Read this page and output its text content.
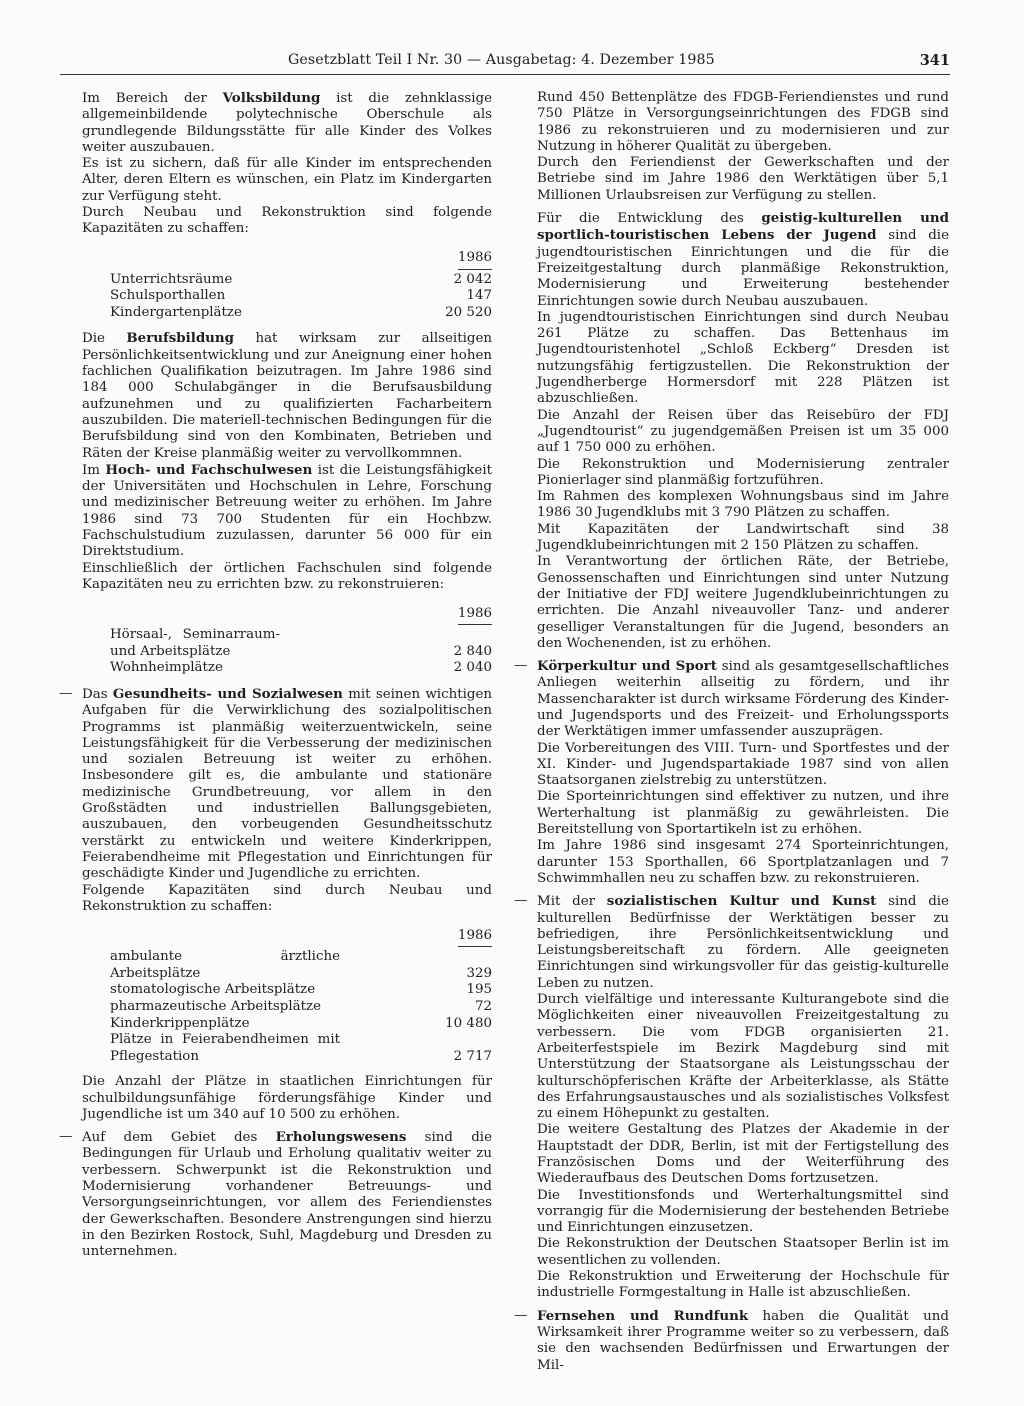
Gesetzblatt Teil I Nr. 30 — Ausgabetag: 4. Dezember 1985	341

Im Bereich der Volksbildung ist die zehnklassige allgemeinbildende polytechnische Oberschule als grundlegende Bildungsstätte für alle Kinder des Volkes weiter auszubauen.

Es ist zu sichern, daß für alle Kinder im entsprechenden Alter, deren Eltern es wünschen, ein Platz im Kindergarten zur Verfügung steht.

Durch Neubau und Rekonstruktion sind folgende Kapazitäten zu schaffen:

	1986
Unterrichtsräume	2 042
Schulsporthallen	147
Kindergartenplätze	20 520

Die Berufsbildung hat wirksam zur allseitigen Persönlichkeitsentwicklung und zur Aneignung einer hohen fachlichen Qualifikation beizutragen. Im Jahre 1986 sind 184 000 Schulabgänger in die Berufsausbildung aufzunehmen und zu qualifizierten Facharbeitern auszubilden. Die materiell-technischen Bedingungen für die Berufsbildung sind von den Kombinaten, Betrieben und Räten der Kreise planmäßig weiter zu vervollkommnen.

Im Hoch- und Fachschulwesen ist die Leistungsfähigkeit der Universitäten und Hochschulen in Lehre, Forschung und medizinischer Betreuung weiter zu erhöhen. Im Jahre 1986 sind 73 700 Studenten für ein Hochbzw. Fachschulstudium zuzulassen, darunter 56 000 für ein Direktstudium.

Einschließlich der örtlichen Fachschulen sind folgende Kapazitäten neu zu errichten bzw. zu rekonstruieren:

	1986
Hörsaal-, Seminarraum- und Arbeitsplätze	2 840
Wohnheimplätze	2 040

— Das Gesundheits- und Sozialwesen mit seinen wichtigen Aufgaben für die Verwirklichung des sozialpolitischen Programms ist planmäßig weiterzuentwickeln, seine Leistungsfähigkeit für die Verbesserung der medizinischen und sozialen Betreuung ist weiter zu erhöhen. Insbesondere gilt es, die ambulante und stationäre medizinische Grundbetreuung, vor allem in den Großstädten und industriellen Ballungsgebieten, auszubauen, den vorbeugenden Gesundheitsschutz verstärkt zu entwickeln und weitere Kinderkrippen, Feierabendheime mit Pflegestation und Einrichtungen für geschädigte Kinder und Jugendliche zu errichten.

Folgende Kapazitäten sind durch Neubau und Rekonstruktion zu schaffen:

	1986
ambulante ärztliche Arbeitsplätze	329
stomatologische Arbeitsplätze	195
pharmazeutische Arbeitsplätze	72
Kinderkrippenplätze	10 480
Plätze in Feierabendheimen mit Pflegestation	2 717

Die Anzahl der Plätze in staatlichen Einrichtungen für schulbildungsunfähige förderungsfähige Kinder und Jugendliche ist um 340 auf 10 500 zu erhöhen.

— Auf dem Gebiet des Erholungswesens sind die Bedingungen für Urlaub und Erholung qualitativ weiter zu verbessern. Schwerpunkt ist die Rekonstruktion und Modernisierung vorhandener Betreuungs- und Versorgungseinrichtungen, vor allem des Feriendienstes der Gewerkschaften. Besondere Anstrengungen sind hierzu in den Bezirken Rostock, Suhl, Magdeburg und Dresden zu unternehmen.

Rund 450 Bettenplätze des FDGB-Feriendienstes und rund 750 Plätze in Versorgungseinrichtungen des FDGB sind 1986 zu rekonstruieren und zu modernisieren und zur Nutzung in höherer Qualität zu übergeben.

Durch den Feriendienst der Gewerkschaften und der Betriebe sind im Jahre 1986 den Werktätigen über 5,1 Millionen Urlaubsreisen zur Verfügung zu stellen.

Für die Entwicklung des geistig-kulturellen und sportlich-touristischen Lebens der Jugend sind die jugendtouristischen Einrichtungen und die für die Freizeitgestaltung durch planmäßige Rekonstruktion, Modernisierung und Erweiterung bestehender Einrichtungen sowie durch Neubau auszubauen.

In jugendtouristischen Einrichtungen sind durch Neubau 261 Plätze zu schaffen. Das Bettenhaus im Jugendtouristenhotel „Schloß Eckberg“ Dresden ist nutzungsfähig fertigzustellen. Die Rekonstruktion der Jugendherberge Hormersdorf mit 228 Plätzen ist abzuschließen.

Die Anzahl der Reisen über das Reisebüro der FDJ „Jugendtourist“ zu jugendgemäßen Preisen ist um 35 000 auf 1 750 000 zu erhöhen.

Die Rekonstruktion und Modernisierung zentraler Pionierlager sind planmäßig fortzuführen.

Im Rahmen des komplexen Wohnungsbaus sind im Jahre 1986 30 Jugendklubs mit 3 790 Plätzen zu schaffen.

Mit Kapazitäten der Landwirtschaft sind 38 Jugendklubeinrichtungen mit 2 150 Plätzen zu schaffen.

In Verantwortung der örtlichen Räte, der Betriebe, Genossenschaften und Einrichtungen sind unter Nutzung der Initiative der FDJ weitere Jugendklubeinrichtungen zu errichten. Die Anzahl niveauvoller Tanz- und anderer geselliger Veranstaltungen für die Jugend, besonders an den Wochenenden, ist zu erhöhen.

— Körperkultur und Sport sind als gesamtgesellschaftliches Anliegen weiterhin allseitig zu fördern, und ihr Massencharakter ist durch wirksame Förderung des Kinder- und Jugendsports und des Freizeit- und Erholungssports der Werktätigen immer umfassender auszuprägen.

Die Vorbereitungen des VIII. Turn- und Sportfestes und der XI. Kinder- und Jugendspartakiade 1987 sind von allen Staatsorganen zielstrebig zu unterstützen.

Die Sporteinrichtungen sind effektiver zu nutzen, und ihre Werterhaltung ist planmäßig zu gewährleisten. Die Bereitstellung von Sportartikeln ist zu erhöhen.

Im Jahre 1986 sind insgesamt 274 Sporteinrichtungen, darunter 153 Sporthallen, 66 Sportplatzanlagen und 7 Schwimmhallen neu zu schaffen bzw. zu rekonstruieren.

— Mit der sozialistischen Kultur und Kunst sind die kulturellen Bedürfnisse der Werktätigen besser zu befriedigen, ihre Persönlichkeitsentwicklung und Leistungsbereitschaft zu fördern. Alle geeigneten Einrichtungen sind wirkungsvoller für das geistig-kulturelle Leben zu nutzen.

Durch vielfältige und interessante Kulturangebote sind die Möglichkeiten einer niveauvollen Freizeitgestaltung zu verbessern. Die vom FDGB organisierten 21. Arbeiterfestspiele im Bezirk Magdeburg sind mit Unterstützung der Staatsorgane als Leistungsschau der kulturschöpferischen Kräfte der Arbeiterklasse, als Stätte des Erfahrungsaustausches und als sozialistisches Volksfest zu einem Höhepunkt zu gestalten.

Die weitere Gestaltung des Platzes der Akademie in der Hauptstadt der DDR, Berlin, ist mit der Fertigstellung des Französischen Doms und der Weiterführung des Wiederaufbaus des Deutschen Doms fortzusetzen.

Die Investitionsfonds und Werterhaltungsmittel sind vorrangig für die Modernisierung der bestehenden Betriebe und Einrichtungen einzusetzen.

Die Rekonstruktion der Deutschen Staatsoper Berlin ist im wesentlichen zu vollenden.

Die Rekonstruktion und Erweiterung der Hochschule für industrielle Formgestaltung in Halle ist abzuschließen.

— Fernsehen und Rundfunk haben die Qualität und Wirksamkeit ihrer Programme weiter so zu verbessern, daß sie den wachsenden Bedürfnissen und Erwartungen der Mil-
